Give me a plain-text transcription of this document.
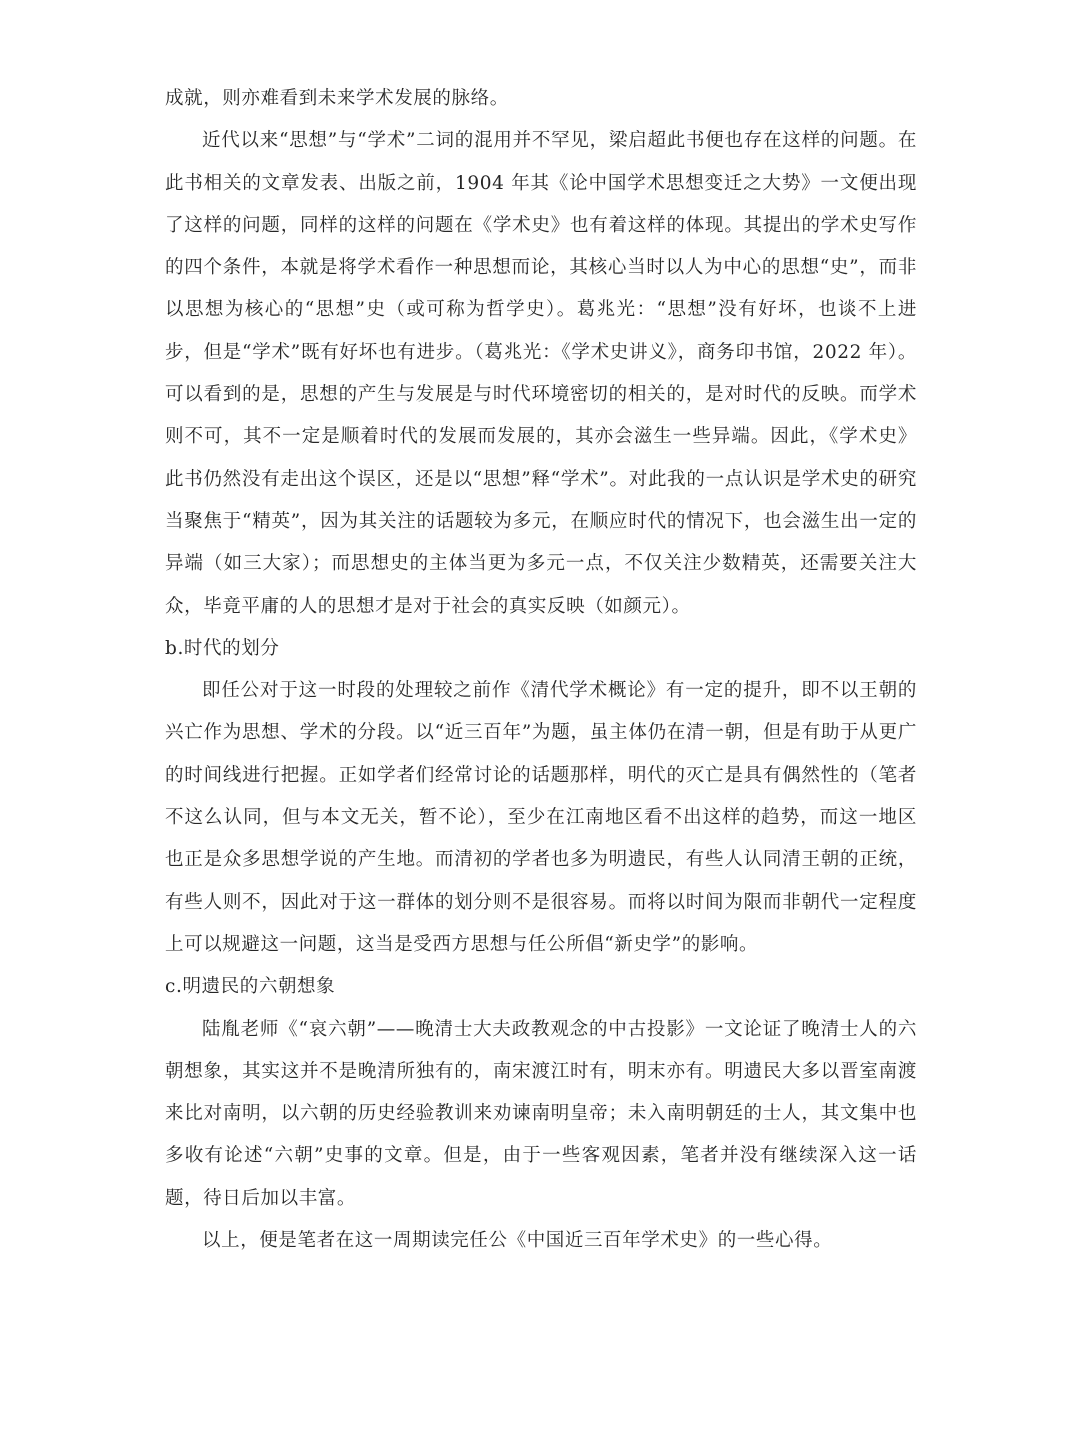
成就，则亦难看到未来学术发展的脉络。

近代以来“思想”与“学术”二词的混用并不罕见，梁启超此书便也存在这样的问题。在此书相关的文章发表、出版之前，1904 年其《论中国学术思想变迁之大势》一文便出现了这样的问题，同样的这样的问题在《学术史》也有着这样的体现。其提出的学术史写作的四个条件，本就是将学术看作一种思想而论，其核心当时以人为中心的思想“史”，而非以思想为核心的“思想”史（或可称为哲学史）。葛兆光：“思想”没有好坏，也谈不上进步，但是“学术”既有好坏也有进步。（葛兆光：《学术史讲义》，商务印书馆，2022 年）。可以看到的是，思想的产生与发展是与时代环境密切的相关的，是对时代的反映。而学术则不可，其不一定是顺着时代的发展而发展的，其亦会滋生一些异端。因此，《学术史》此书仍然没有走出这个误区，还是以“思想”释“学术”。对此我的一点认识是学术史的研究当聚焦于“精英”，因为其关注的话题较为多元，在顺应时代的情况下，也会滋生出一定的异端（如三大家）；而思想史的主体当更为多元一点，不仅关注少数精英，还需要关注大众，毕竟平庸的人的思想才是对于社会的真实反映（如颜元）。

b.时代的划分

即任公对于这一时段的处理较之前作《清代学术概论》有一定的提升，即不以王朝的兴亡作为思想、学术的分段。以“近三百年”为题，虽主体仍在清一朝，但是有助于从更广的时间线进行把握。正如学者们经常讨论的话题那样，明代的灭亡是具有偶然性的（笔者不这么认同，但与本文无关，暂不论），至少在江南地区看不出这样的趋势，而这一地区也正是众多思想学说的产生地。而清初的学者也多为明遗民，有些人认同清王朝的正统，有些人则不，因此对于这一群体的划分则不是很容易。而将以时间为限而非朝代一定程度上可以规避这一问题，这当是受西方思想与任公所倡“新史学”的影响。

c.明遗民的六朝想象

陆胤老师《“哀六朝”——晚清士大夫政教观念的中古投影》一文论证了晚清士人的六朝想象，其实这并不是晚清所独有的，南宋渡江时有，明末亦有。明遗民大多以晋室南渡来比对南明，以六朝的历史经验教训来劝谏南明皇帝；未入南明朝廷的士人，其文集中也多收有论述“六朝”史事的文章。但是，由于一些客观因素，笔者并没有继续深入这一话题，待日后加以丰富。

以上，便是笔者在这一周期读完任公《中国近三百年学术史》的一些心得。
